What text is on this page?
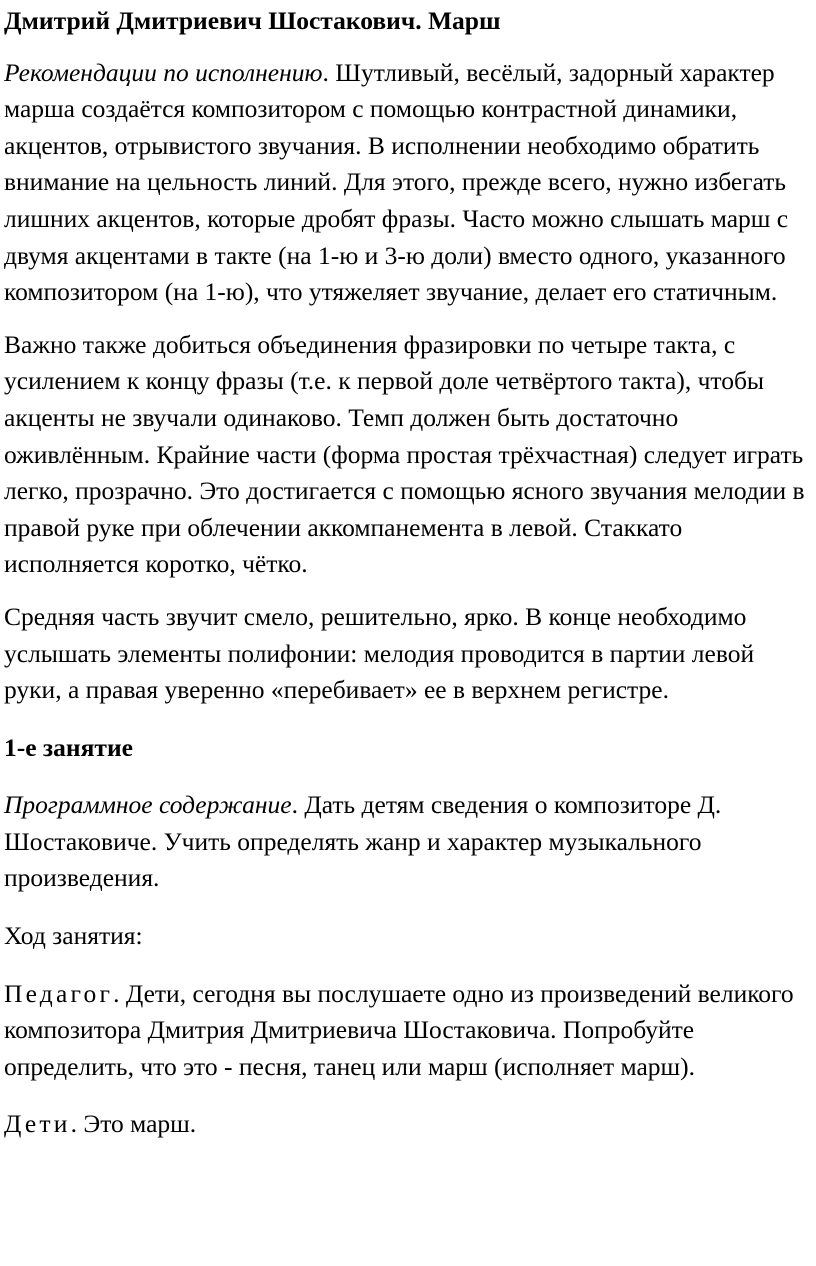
Дмитрий Дмитриевич Шостакович. Марш

Рекомендации по исполнению. Шутливый, весёлый, задорный характер марша создаётся композитором с помощью контрастной динамики, акцентов, отрывистого звучания. В исполнении необходимо обратить внимание на цельность линий. Для этого, прежде всего, нужно избегать лишних акцентов, которые дробят фразы. Часто можно слышать марш с двумя акцентами в такте (на 1-ю и 3-ю доли) вместо одного, указанного композитором (на 1-ю), что утяжеляет звучание, делает его статичным.

Важно также добиться объединения фразировки по четыре такта, с усилением к концу фразы (т.е. к первой доле четвёртого такта), чтобы акценты не звучали одинаково. Темп должен быть достаточно оживлённым. Крайние части (форма простая трёхчастная) следует играть легко, прозрачно. Это достигается с помощью ясного звучания мелодии в правой руке при облечении аккомпанемента в левой. Стаккато исполняется коротко, чётко.

Средняя часть звучит смело, решительно, ярко. В конце необходимо услышать элементы полифонии: мелодия проводится в партии левой руки, а правая уверенно «перебивает» ее в верхнем регистре.

1-е занятие

Программное содержание. Дать детям сведения о композиторе Д. Шостаковиче. Учить определять жанр и характер музыкального произведения.

Ход занятия:

Педагог. Дети, сегодня вы послушаете одно из произведений великого композитора Дмитрия Дмитриевича Шостаковича. Попробуйте определить, что это - песня, танец или марш (исполняет марш).

Дети. Это марш.
